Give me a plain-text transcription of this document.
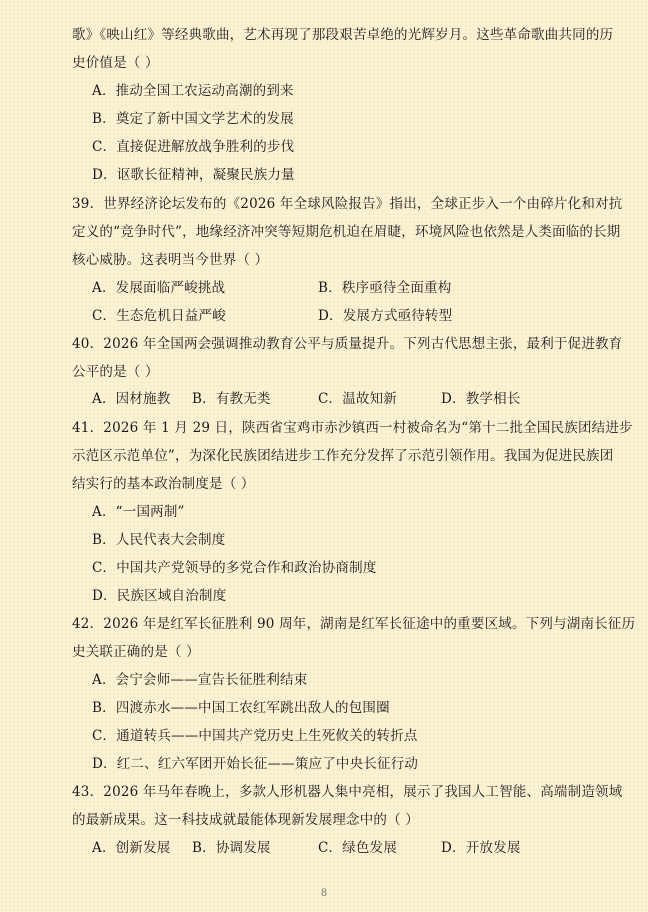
歌》《映山红》等经典歌曲，艺术再现了那段艰苦卓绝的光辉岁月。这些革命歌曲共同的历
史价值是（ ）
A．推动全国工农运动高潮的到来
B．奠定了新中国文学艺术的发展
C．直接促进解放战争胜利的步伐
D．讴歌长征精神，凝聚民族力量
39．世界经济论坛发布的《2026 年全球风险报告》指出，全球正步入一个由碎片化和对抗
定义的“竞争时代”，地缘经济冲突等短期危机迫在眉睫，环境风险也依然是人类面临的长期
核心威胁。这表明当今世界（ ）
A．发展面临严峻挑战	B．秩序亟待全面重构
C．生态危机日益严峻	D．发展方式亟待转型
40．2026 年全国两会强调推动教育公平与质量提升。下列古代思想主张，最利于促进教育
公平的是（ ）
A．因材施教 B．有教无类	C．温故知新	D．教学相长
41．2026 年 1 月 29 日，陕西省宝鸡市赤沙镇西一村被命名为“第十二批全国民族团结进步
示范区示范单位”，为深化民族团结进步工作充分发挥了示范引领作用。我国为促进民族团
结实行的基本政治制度是（ ）
A．“一国两制”
B．人民代表大会制度
C．中国共产党领导的多党合作和政治协商制度
D．民族区域自治制度
42．2026 年是红军长征胜利 90 周年，湖南是红军长征途中的重要区域。下列与湖南长征历
史关联正确的是（ ）
A．会宁会师——宣告长征胜利结束
B．四渡赤水——中国工农红军跳出敌人的包围圈
C．通道转兵——中国共产党历史上生死攸关的转折点
D．红二、红六军团开始长征——策应了中央长征行动
43．2026 年马年春晚上，多款人形机器人集中亮相，展示了我国人工智能、高端制造领域
的最新成果。这一科技成就最能体现新发展理念中的（ ）
A．创新发展 B．协调发展	C．绿色发展	D．开放发展
8
